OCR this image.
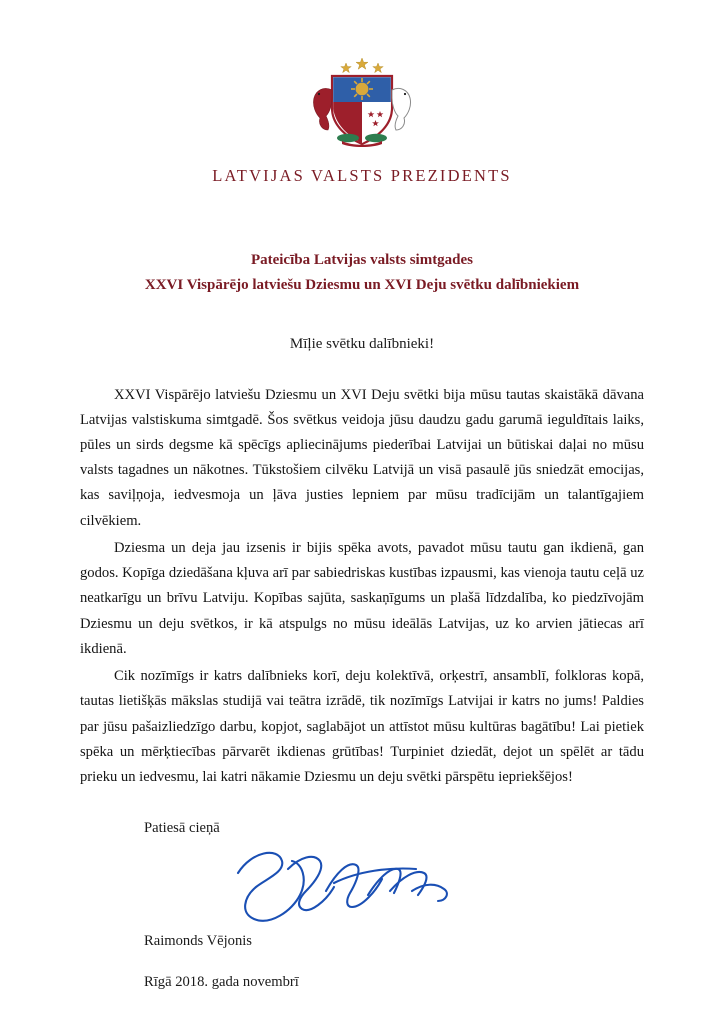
LATVIJAS VALSTS PREZIDENTS
Pateicība Latvijas valsts simtgades
XXVI Vispārējo latviešu Dziesmu un XVI Deju svētku dalībniekiem
Mīļie svētku dalībnieki!

XXVI Vispārējo latviešu Dziesmu un XVI Deju svētki bija mūsu tautas skaistākā dāvana Latvijas valstiskuma simtgadē. Šos svētkus veidoja jūsu daudzu gadu garumā ieguldītais laiks, pūles un sirds degsme kā spēcīgs apliecinājums piederībai Latvijai un būtiskai daļai no mūsu valsts tagadnes un nākotnes. Tūkstošiem cilvēku Latvijā un visā pasaulē jūs sniedzāt emocijas, kas saviļņoja, iedvesmoja un ļāva justies lepniem par mūsu tradīcijām un talantīgajiem cilvēkiem.

Dziesma un deja jau izsenis ir bijis spēka avots, pavadot mūsu tautu gan ikdienā, gan godos. Kopīga dziedāšana kļuva arī par sabiedriskas kustības izpausmi, kas vienoja tautu ceļā uz neatkarīgu un brīvu Latviju. Kopības sajūta, saskaņīgums un plašā līdzdalība, ko piedzīvojām Dziesmu un deju svētkos, ir kā atspulgs no mūsu ideālās Latvijas, uz ko arvien jātiecas arī ikdienā.

Cik nozīmīgs ir katrs dalībnieks korī, deju kolektīvā, orķestrī, ansamblī, folkloras kopā, tautas lietišķās mākslas studijā vai teātra izrādē, tik nozīmīgs Latvijai ir katrs no jums! Paldies par jūsu pašaizliedzīgo darbu, kopjot, saglabājot un attīstot mūsu kultūras bagātību! Lai pietiek spēka un mērķtiecības pārvarēt ikdienas grūtības! Turpiniet dziedāt, dejot un spēlēt ar tādu prieku un iedvesmu, lai katri nākamie Dziesmu un deju svētki pārspētu iepriekšējos!

Patiesā cieņā
Raimonds Vējonis
Rīgā 2018. gada novembrī
